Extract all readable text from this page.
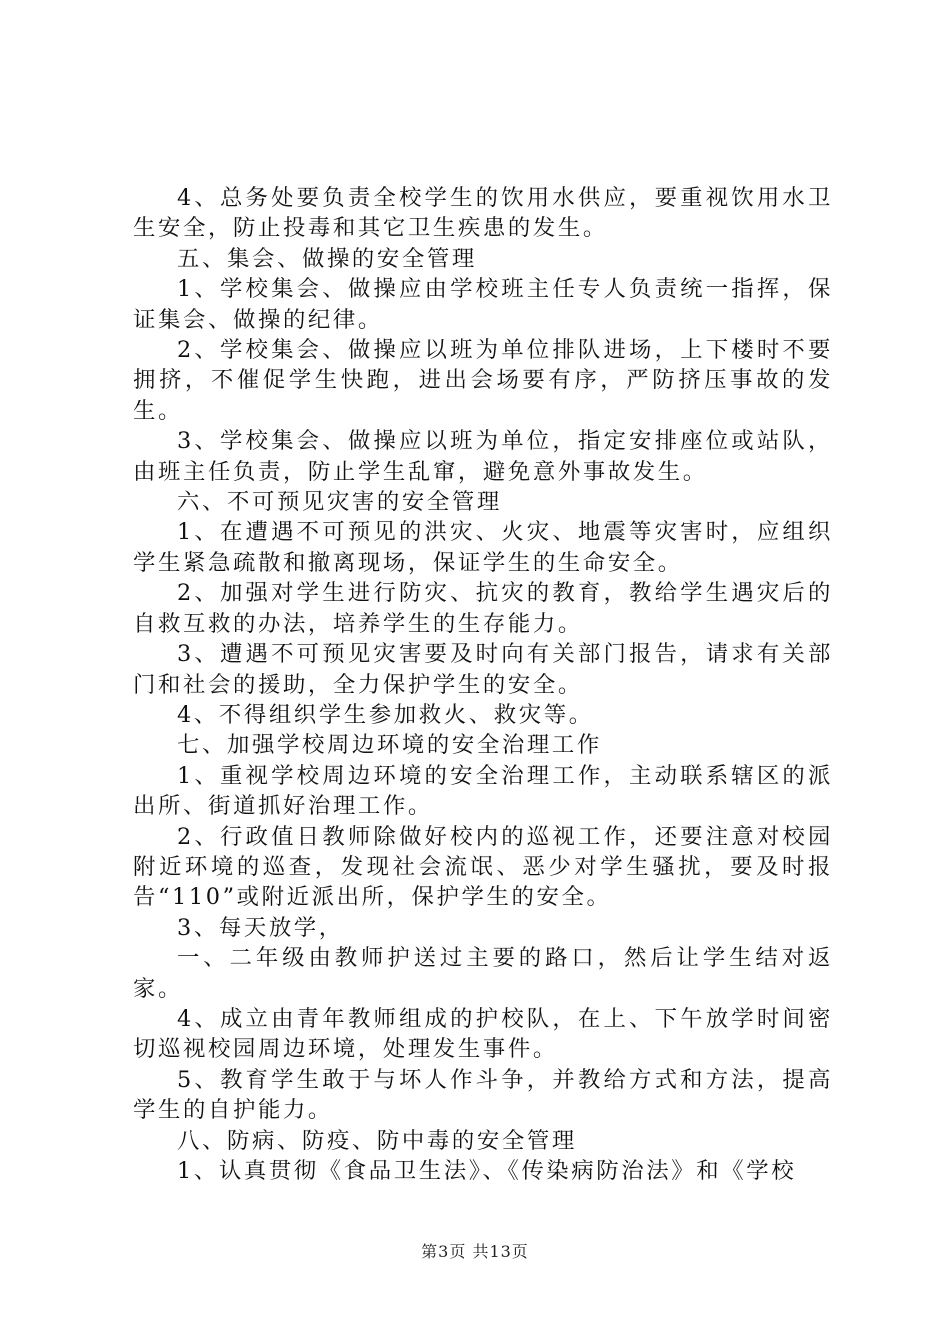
4、总务处要负责全校学生的饮用水供应，要重视饮用水卫生安全，防止投毒和其它卫生疾患的发生。

五、集会、做操的安全管理

1、学校集会、做操应由学校班主任专人负责统一指挥，保证集会、做操的纪律。

2、学校集会、做操应以班为单位排队进场，上下楼时不要拥挤，不催促学生快跑，进出会场要有序，严防挤压事故的发生。

3、学校集会、做操应以班为单位，指定安排座位或站队，由班主任负责，防止学生乱窜，避免意外事故发生。

六、不可预见灾害的安全管理

1、在遭遇不可预见的洪灾、火灾、地震等灾害时，应组织学生紧急疏散和撤离现场，保证学生的生命安全。

2、加强对学生进行防灾、抗灾的教育，教给学生遇灾后的自救互救的办法，培养学生的生存能力。

3、遭遇不可预见灾害要及时向有关部门报告，请求有关部门和社会的援助，全力保护学生的安全。

4、不得组织学生参加救火、救灾等。

七、加强学校周边环境的安全治理工作

1、重视学校周边环境的安全治理工作，主动联系辖区的派出所、街道抓好治理工作。

2、行政值日教师除做好校内的巡视工作，还要注意对校园附近环境的巡查，发现社会流氓、恶少对学生骚扰，要及时报告“110”或附近派出所，保护学生的安全。

3、每天放学，

一、二年级由教师护送过主要的路口，然后让学生结对返家。

4、成立由青年教师组成的护校队，在上、下午放学时间密切巡视校园周边环境，处理发生事件。

5、教育学生敢于与坏人作斗争，并教给方式和方法，提高学生的自护能力。

八、防病、防疫、防中毒的安全管理

1、认真贯彻《食品卫生法》、《传染病防治法》和《学校

第3页 共13页
